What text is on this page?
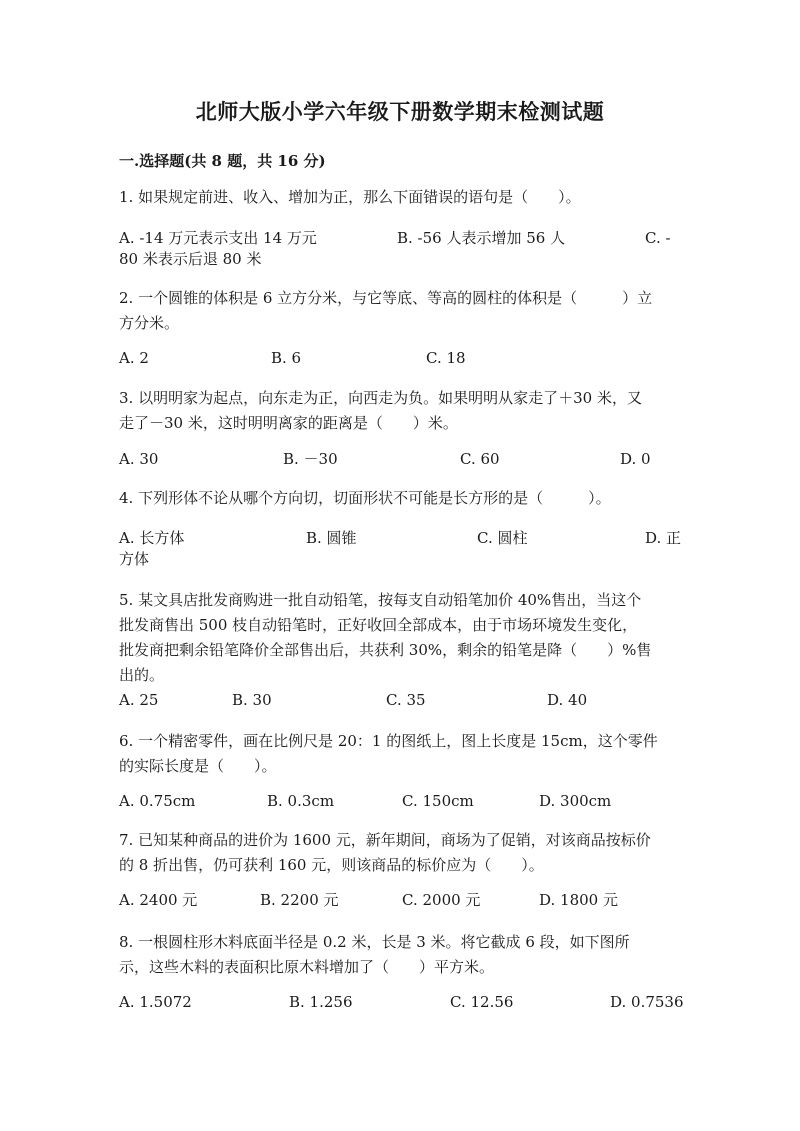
北师大版小学六年级下册数学期末检测试题
一.选择题(共 8 题，共 16 分)
1. 如果规定前进、收入、增加为正，那么下面错误的语句是（　　）。
A. -14 万元表示支出 14 万元	B. -56 人表示增加 56 人	C. -
80 米表示后退 80 米
2. 一个圆锥的体积是 6 立方分米，与它等底、等高的圆柱的体积是（　　　）立
方分米。
A. 2	B. 6	C. 18
3. 以明明家为起点，向东走为正，向西走为负。如果明明从家走了＋30 米，又
走了－30 米，这时明明离家的距离是（　　）米。
A. 30	B. －30	C. 60	D. 0
4. 下列形体不论从哪个方向切，切面形状不可能是长方形的是（　　　）。
A. 长方体	B. 圆锥	C. 圆柱	D. 正
方体
5. 某文具店批发商购进一批自动铅笔，按每支自动铅笔加价 40%售出，当这个
批发商售出 500 枝自动铅笔时，正好收回全部成本，由于市场环境发生变化，
批发商把剩余铅笔降价全部售出后，共获利 30%，剩余的铅笔是降（　　）%售
出的。
A. 25	B. 30	C. 35	D. 40
6. 一个精密零件，画在比例尺是 20：1 的图纸上，图上长度是 15cm，这个零件
的实际长度是（　　）。
A. 0.75cm	B. 0.3cm	C. 150cm	D. 300cm
7. 已知某种商品的进价为 1600 元，新年期间，商场为了促销，对该商品按标价
的 8 折出售，仍可获利 160 元，则该商品的标价应为（　　）。
A. 2400 元	B. 2200 元	C. 2000 元	D. 1800 元
8. 一根圆柱形木料底面半径是 0.2 米，长是 3 米。将它截成 6 段，如下图所
示，这些木料的表面积比原木料增加了（　　）平方米。
A. 1.5072	B. 1.256	C. 12.56	D. 0.7536
